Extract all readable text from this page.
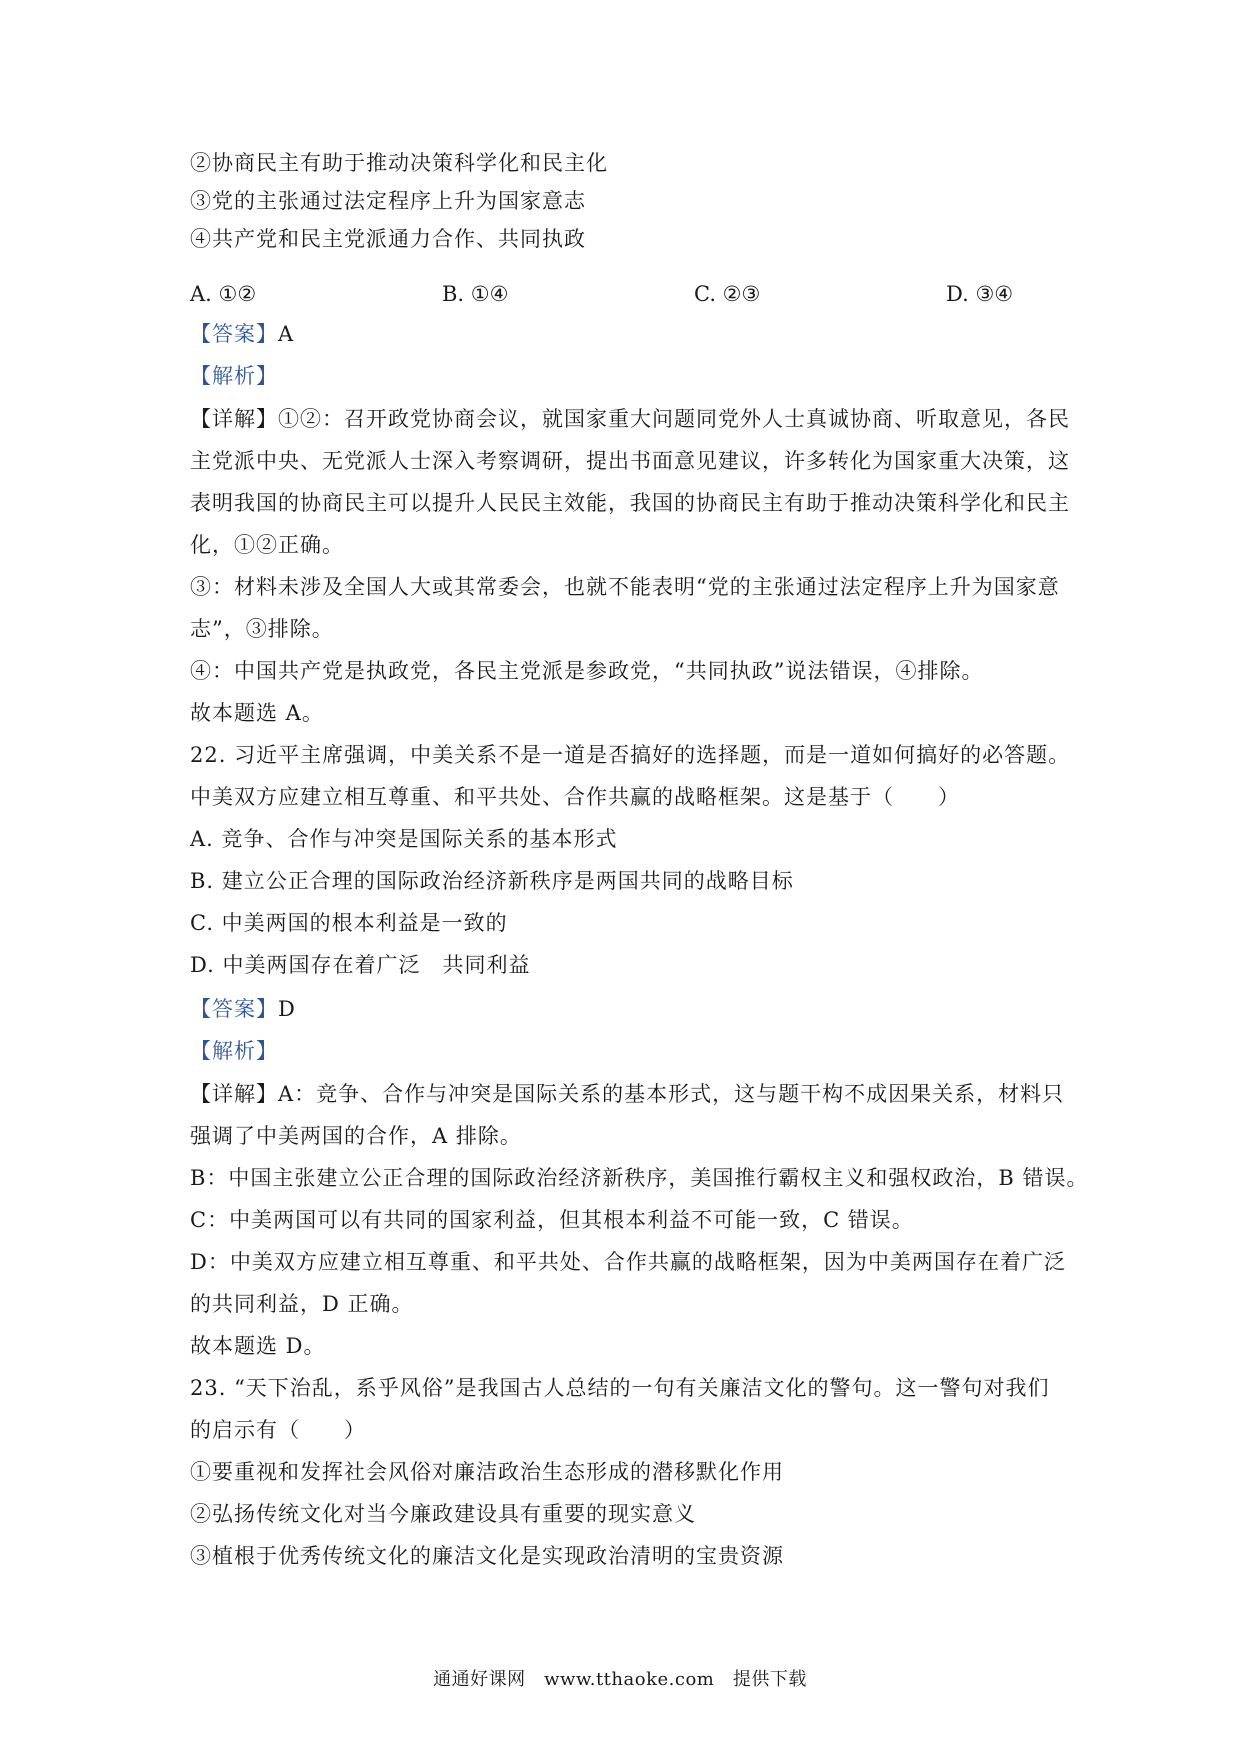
②协商民主有助于推动决策科学化和民主化
③党的主张通过法定程序上升为国家意志
④共产党和民主党派通力合作、共同执政
A. ①②	B. ①④	C. ②③	D. ③④
【答案】A
【解析】
【详解】①②：召开政党协商会议，就国家重大问题同党外人士真诚协商、听取意见，各民
主党派中央、无党派人士深入考察调研，提出书面意见建议，许多转化为国家重大决策，这
表明我国的协商民主可以提升人民民主效能，我国的协商民主有助于推动决策科学化和民主
化，①②正确。
③：材料未涉及全国人大或其常委会，也就不能表明“党的主张通过法定程序上升为国家意
志”，③排除。
④：中国共产党是执政党，各民主党派是参政党，“共同执政”说法错误，④排除。
故本题选 A。
22. 习近平主席强调，中美关系不是一道是否搞好的选择题，而是一道如何搞好的必答题。
中美双方应建立相互尊重、和平共处、合作共赢的战略框架。这是基于（　　）
A. 竞争、合作与冲突是国际关系的基本形式
B. 建立公正合理的国际政治经济新秩序是两国共同的战略目标
C. 中美两国的根本利益是一致的
D. 中美两国存在着广泛　共同利益
【答案】D
【解析】
【详解】A：竞争、合作与冲突是国际关系的基本形式，这与题干构不成因果关系，材料只
强调了中美两国的合作，A 排除。
B：中国主张建立公正合理的国际政治经济新秩序，美国推行霸权主义和强权政治，B 错误。
C：中美两国可以有共同的国家利益，但其根本利益不可能一致，C 错误。
D：中美双方应建立相互尊重、和平共处、合作共赢的战略框架，因为中美两国存在着广泛
的共同利益，D 正确。
故本题选 D。
23. “天下治乱，系乎风俗”是我国古人总结的一句有关廉洁文化的警句。这一警句对我们
的启示有（　　）
①要重视和发挥社会风俗对廉洁政治生态形成的潜移默化作用
②弘扬传统文化对当今廉政建设具有重要的现实意义
③植根于优秀传统文化的廉洁文化是实现政治清明的宝贵资源
通通好课网　www.tthaoke.com　提供下载
